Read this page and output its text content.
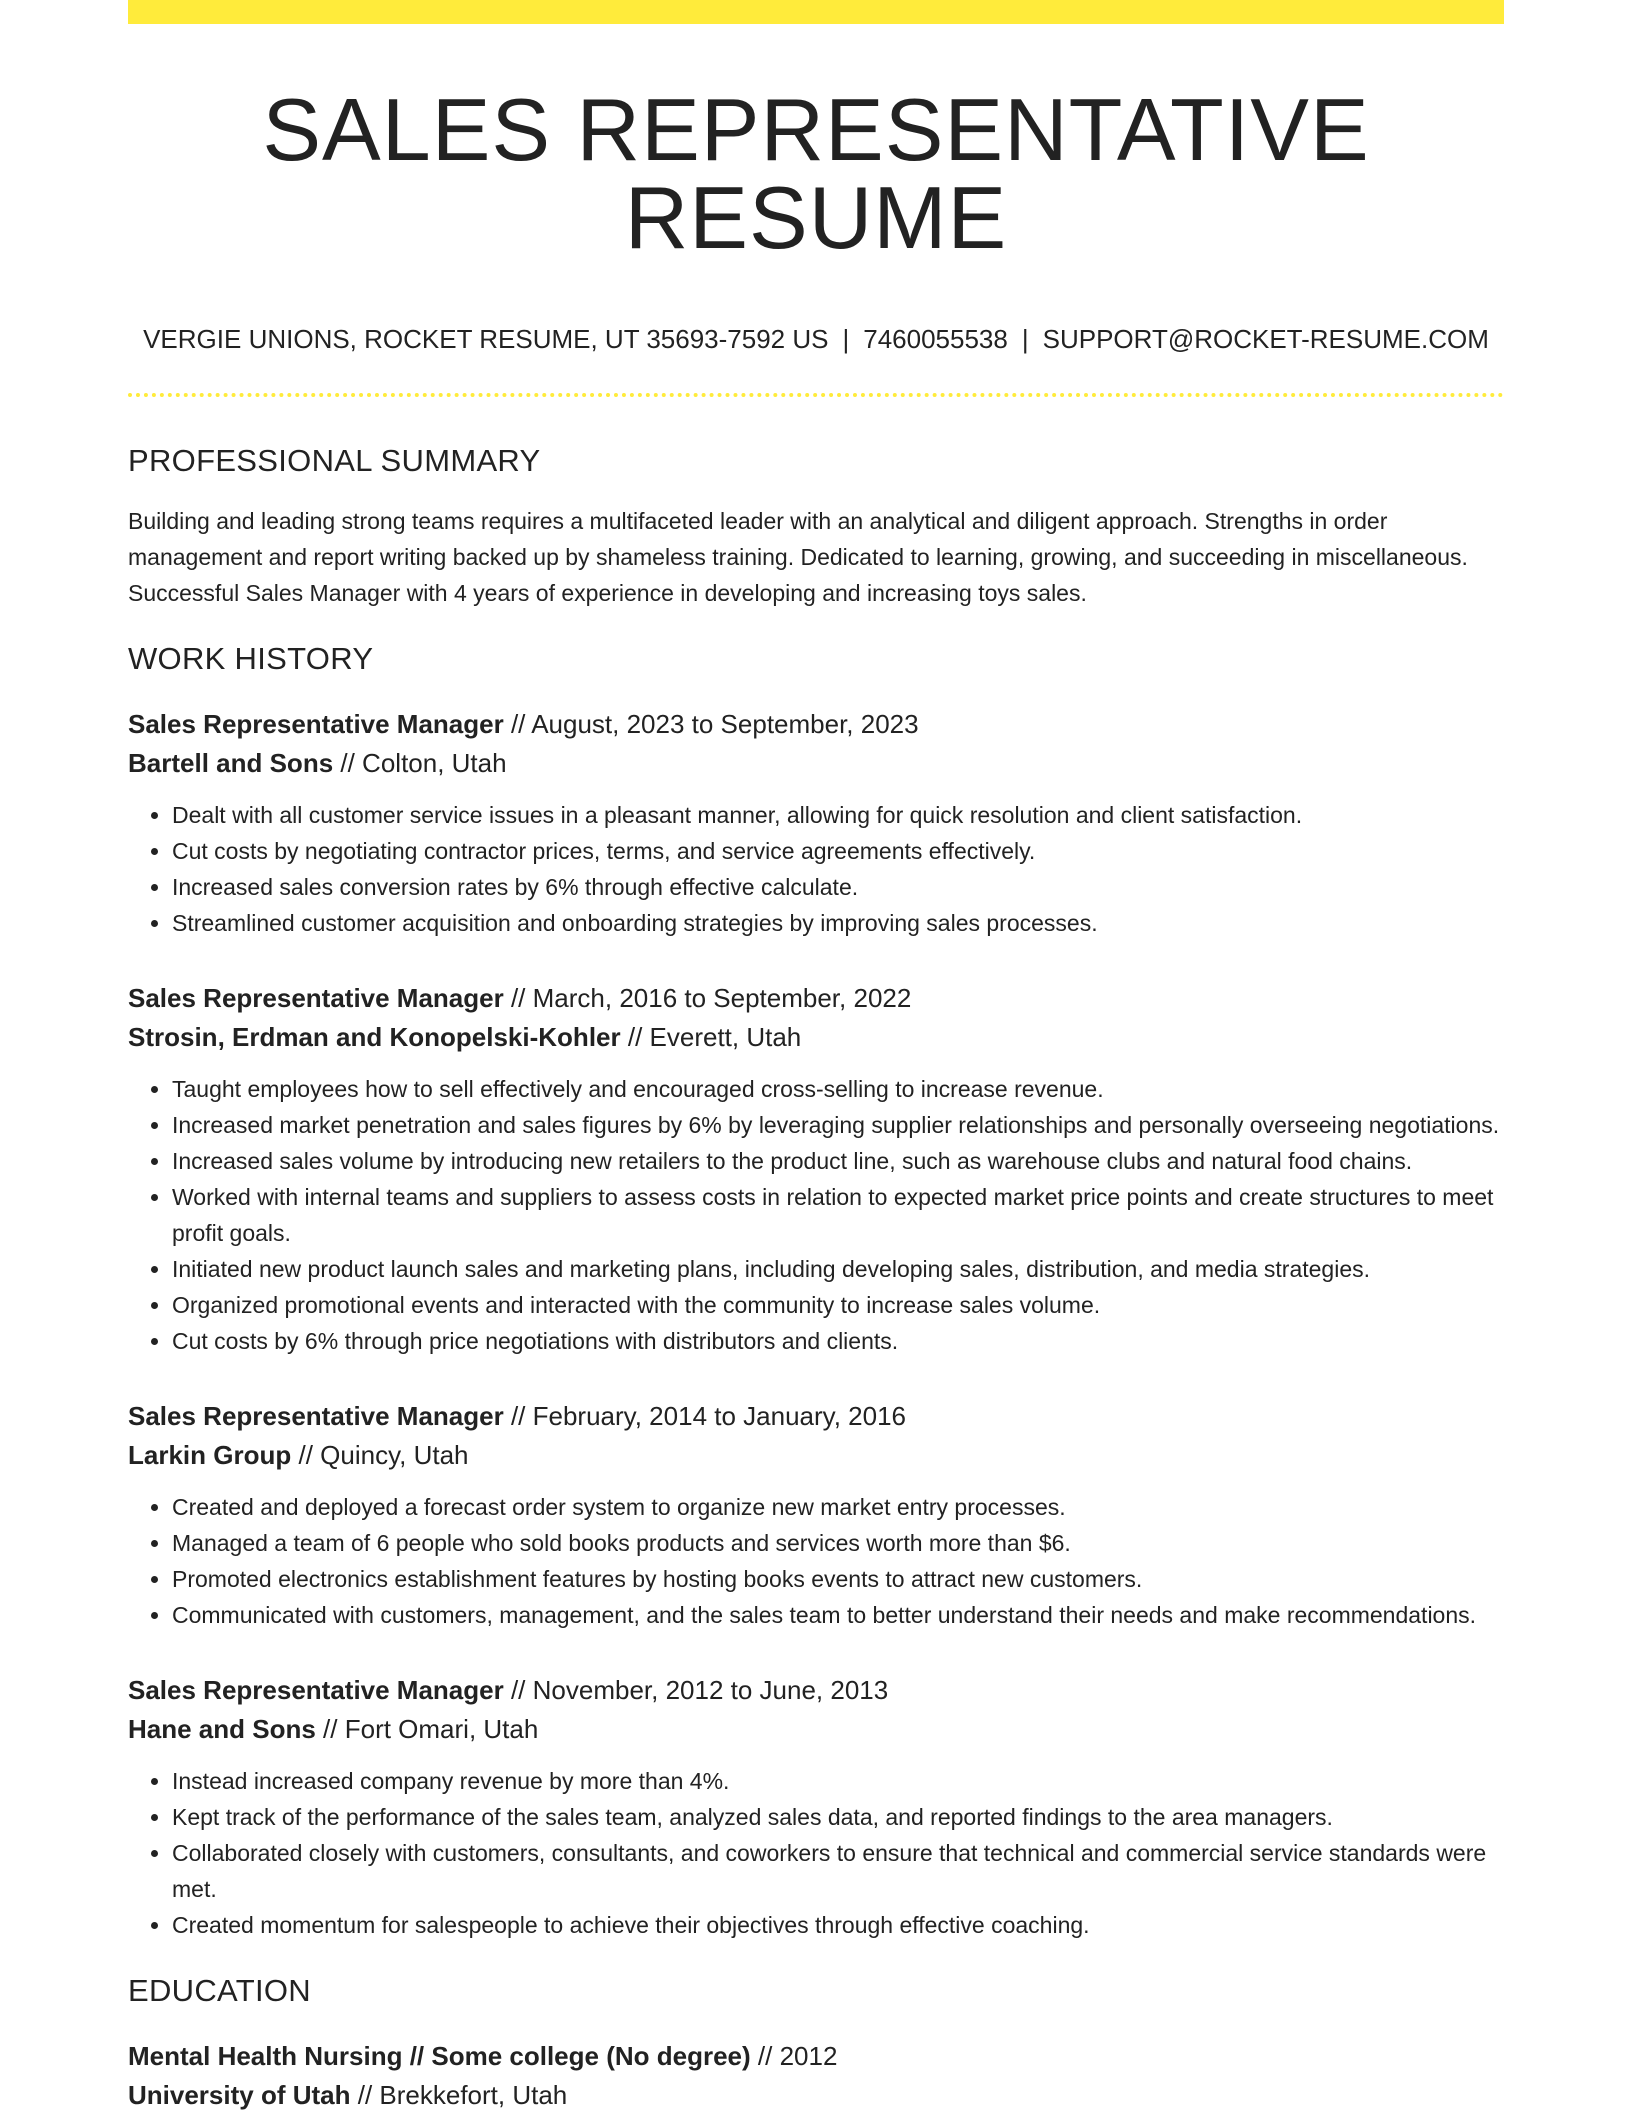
SALES REPRESENTATIVE RESUME
VERGIE UNIONS, ROCKET RESUME, UT 35693-7592 US | 7460055538 | SUPPORT@ROCKET-RESUME.COM
PROFESSIONAL SUMMARY
Building and leading strong teams requires a multifaceted leader with an analytical and diligent approach. Strengths in order management and report writing backed up by shameless training. Dedicated to learning, growing, and succeeding in miscellaneous. Successful Sales Manager with 4 years of experience in developing and increasing toys sales.
WORK HISTORY
Sales Representative Manager // August, 2023 to September, 2023
Bartell and Sons // Colton, Utah
• Dealt with all customer service issues in a pleasant manner, allowing for quick resolution and client satisfaction.
• Cut costs by negotiating contractor prices, terms, and service agreements effectively.
• Increased sales conversion rates by 6% through effective calculate.
• Streamlined customer acquisition and onboarding strategies by improving sales processes.
Sales Representative Manager // March, 2016 to September, 2022
Strosin, Erdman and Konopelski-Kohler // Everett, Utah
• Taught employees how to sell effectively and encouraged cross-selling to increase revenue.
• Increased market penetration and sales figures by 6% by leveraging supplier relationships and personally overseeing negotiations.
• Increased sales volume by introducing new retailers to the product line, such as warehouse clubs and natural food chains.
• Worked with internal teams and suppliers to assess costs in relation to expected market price points and create structures to meet profit goals.
• Initiated new product launch sales and marketing plans, including developing sales, distribution, and media strategies.
• Organized promotional events and interacted with the community to increase sales volume.
• Cut costs by 6% through price negotiations with distributors and clients.
Sales Representative Manager // February, 2014 to January, 2016
Larkin Group // Quincy, Utah
• Created and deployed a forecast order system to organize new market entry processes.
• Managed a team of 6 people who sold books products and services worth more than $6.
• Promoted electronics establishment features by hosting books events to attract new customers.
• Communicated with customers, management, and the sales team to better understand their needs and make recommendations.
Sales Representative Manager // November, 2012 to June, 2013
Hane and Sons // Fort Omari, Utah
• Instead increased company revenue by more than 4%.
• Kept track of the performance of the sales team, analyzed sales data, and reported findings to the area managers.
• Collaborated closely with customers, consultants, and coworkers to ensure that technical and commercial service standards were met.
• Created momentum for salespeople to achieve their objectives through effective coaching.
EDUCATION
Mental Health Nursing // Some college (No degree) // 2012
University of Utah // Brekkefort, Utah
